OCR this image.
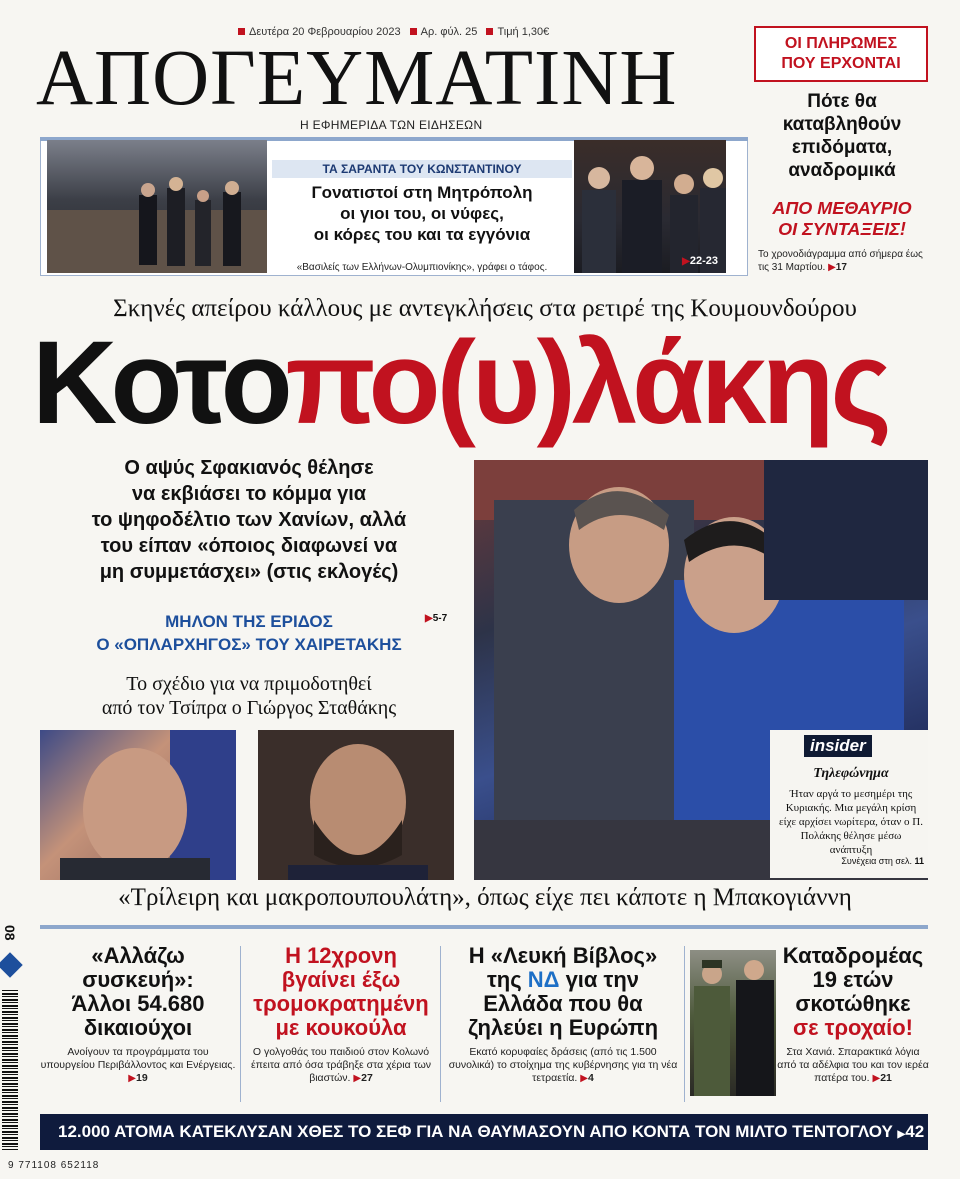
Δευτέρα 20 Φεβρουαρίου 2023 Αρ. φύλ. 25 Τιμή 1,30€
ΑΠΟΓΕΥΜΑΤΙΝΗ
Η ΕΦΗΜΕΡΙΔΑ ΤΩΝ ΕΙΔΗΣΕΩΝ
ΟΙ ΠΛΗΡΩΜΕΣ
ΠΟΥ ΕΡΧΟΝΤΑΙ
Πότε θα
καταβληθούν
επιδόματα,
αναδρομικά
ΑΠΟ ΜΕΘΑΥΡΙΟ
ΟΙ ΣΥΝΤΑΞΕΙΣ!
Το χρονοδιάγραμμα από σήμερα έως τις 31 Μαρτίου. ▶17
ΤΑ ΣΑΡΑΝΤΑ ΤΟΥ ΚΩΝΣΤΑΝΤΙΝΟΥ
Γονατιστοί στη Μητρόπολη
οι γιοι του, οι νύφες,
οι κόρες του και τα εγγόνια
«Βασιλείς των Ελλήνων-Ολυμπιονίκης», γράφει ο τάφος.
▶22-23
Σκηνές απείρου κάλλους με αντεγκλήσεις στα ρετιρέ της Κουμουνδούρου
Κοτοπο(υ)λάκης
Ο αψύς Σφακιανός θέλησε
να εκβιάσει το κόμμα για
το ψηφοδέλτιο των Χανίων, αλλά
του είπαν «όποιος διαφωνεί να
μη συμμετάσχει» (στις εκλογές)
ΜΗΛΟΝ ΤΗΣ ΕΡΙΔΟΣ
Ο «ΟΠΛΑΡΧΗΓΟΣ» ΤΟΥ ΧΑΙΡΕΤΑΚΗΣ
▶5-7
Το σχέδιο για να πριμοδοτηθεί
από τον Τσίπρα ο Γιώργος Σταθάκης
insider
Τηλεφώνημα
Ήταν αργά το μεσημέρι της Κυριακής. Μια μεγάλη κρίση είχε αρχίσει νωρίτερα, όταν ο Π. Πολάκης θέλησε μέσω ανάπτυξη
Συνέχεια στη σελ. 11
«Τρίλειρη και μακροπουπουλάτη», όπως είχε πει κάποτε η Μπακογιάννη
08
«Αλλάζω
συσκευή»:
Άλλοι 54.680
δικαιούχοι
Ανοίγουν τα προγράμματα του υπουργείου Περιβάλλοντος και Ενέργειας. ▶19
Η 12χρονη
βγαίνει έξω
τρομοκρατημένη
με κουκούλα
Ο γολγοθάς του παιδιού στον Κολωνό έπειτα από όσα τράβηξε στα χέρια των βιαστών. ▶27
Η «Λευκή Βίβλος»
της ΝΔ για την
Ελλάδα που θα
ζηλεύει η Ευρώπη
Εκατό κορυφαίες δράσεις (από τις 1.500 συνολικά) το στοίχημα της κυβέρνησης για τη νέα τετραετία. ▶4
Καταδρομέας
19 ετών
σκοτώθηκε
σε τροχαίο!
Στα Χανιά. Σπαρακτικά λόγια από τα αδέλφια του και τον ιερέα πατέρα του. ▶21
12.000 ΑΤΟΜΑ ΚΑΤΕΚΛΥΣΑΝ ΧΘΕΣ ΤΟ ΣΕΦ ΓΙΑ ΝΑ ΘΑΥΜΑΣΟΥΝ ΑΠΟ ΚΟΝΤΑ ΤΟΝ ΜΙΛΤΟ ΤΕΝΤΟΓΛΟΥ ▶42
9 771108 652118
